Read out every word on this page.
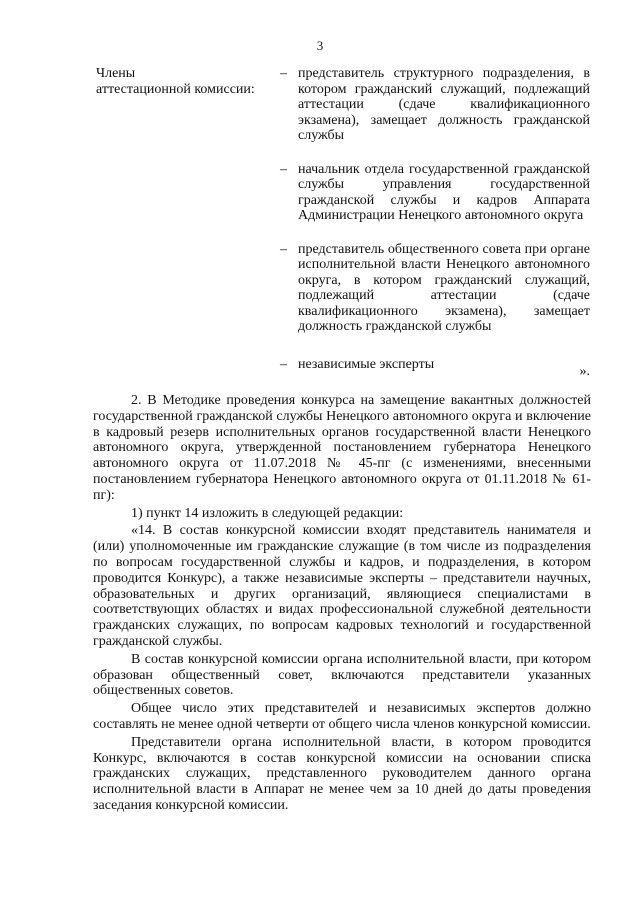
3
Члены
аттестационной комиссии:
– представитель структурного подразделения, в котором гражданский служащий, подлежащий аттестации (сдаче квалификационного экзамена), замещает должность гражданской службы
– начальник отдела государственной гражданской службы управления государственной гражданской службы и кадров Аппарата Администрации Ненецкого автономного округа
– представитель общественного совета при органе исполнительной власти Ненецкого автономного округа, в котором гражданский служащий, подлежащий аттестации (сдаче квалификационного экзамена), замещает должность гражданской службы
– независимые эксперты	».

2. В Методике проведения конкурса на замещение вакантных должностей государственной гражданской службы Ненецкого автономного округа и включение в кадровый резерв исполнительных органов государственной власти Ненецкого автономного округа, утвержденной постановлением губернатора Ненецкого автономного округа от 11.07.2018 № 45-пг (с изменениями, внесенными постановлением губернатора Ненецкого автономного округа от 01.11.2018 № 61-пг):

1) пункт 14 изложить в следующей редакции:

«14. В состав конкурсной комиссии входят представитель нанимателя и (или) уполномоченные им гражданские служащие (в том числе из подразделения по вопросам государственной службы и кадров, и подразделения, в котором проводится Конкурс), а также независимые эксперты – представители научных, образовательных и других организаций, являющиеся специалистами в соответствующих областях и видах профессиональной служебной деятельности гражданских служащих, по вопросам кадровых технологий и государственной гражданской службы.

В состав конкурсной комиссии органа исполнительной власти, при котором образован общественный совет, включаются представители указанных общественных советов.

Общее число этих представителей и независимых экспертов должно составлять не менее одной четверти от общего числа членов конкурсной комиссии.

Представители органа исполнительной власти, в котором проводится Конкурс, включаются в состав конкурсной комиссии на основании списка гражданских служащих, представленного руководителем данного органа исполнительной власти в Аппарат не менее чем за 10 дней до даты проведения заседания конкурсной комиссии.
